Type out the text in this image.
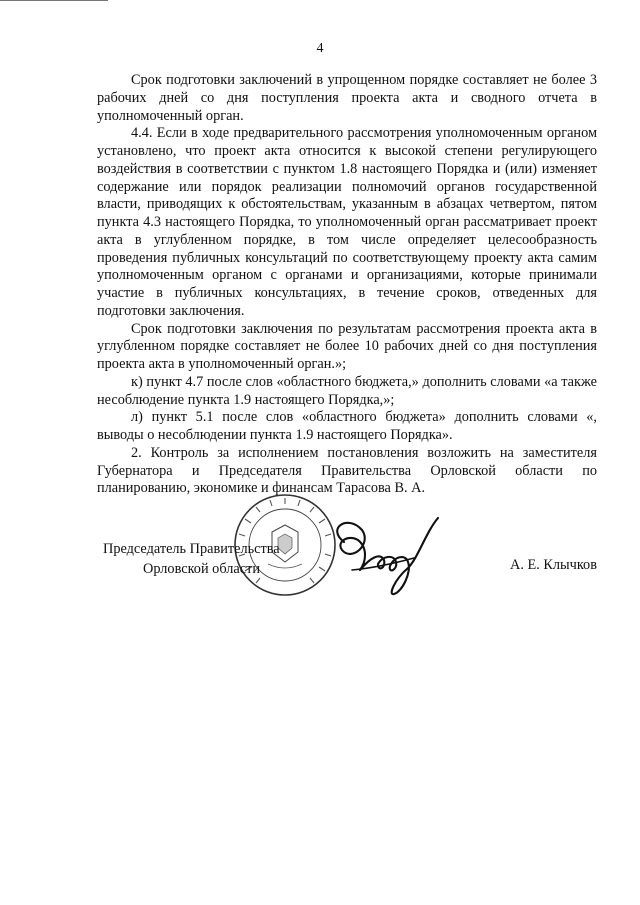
4

Срок подготовки заключений в упрощенном порядке составляет не более 3 рабочих дней со дня поступления проекта акта и сводного отчета в уполномоченный орган.

4.4. Если в ходе предварительного рассмотрения уполномоченным органом установлено, что проект акта относится к высокой степени регулирующего воздействия в соответствии с пунктом 1.8 настоящего Порядка и (или) изменяет содержание или порядок реализации полномочий органов государственной власти, приводящих к обстоятельствам, указанным в абзацах четвертом, пятом пункта 4.3 настоящего Порядка, то уполномоченный орган рассматривает проект акта в углубленном порядке, в том числе определяет целесообразность проведения публичных консультаций по соответствующему проекту акта самим уполномоченным органом с органами и организациями, которые принимали участие в публичных консультациях, в течение сроков, отведенных для подготовки заключения.

Срок подготовки заключения по результатам рассмотрения проекта акта в углубленном порядке составляет не более 10 рабочих дней со дня поступления проекта акта в уполномоченный орган.»;

к) пункт 4.7 после слов «областного бюджета,» дополнить словами «а также несоблюдение пункта 1.9 настоящего Порядка,»;

л) пункт 5.1 после слов «областного бюджета» дополнить словами «, выводы о несоблюдении пункта 1.9 настоящего Порядка».

2. Контроль за исполнением постановления возложить на заместителя Губернатора и Председателя Правительства Орловской области по планированию, экономике и финансам Тарасова В. А.

Председатель Правительства
Орловской области	А. Е. Клычков
